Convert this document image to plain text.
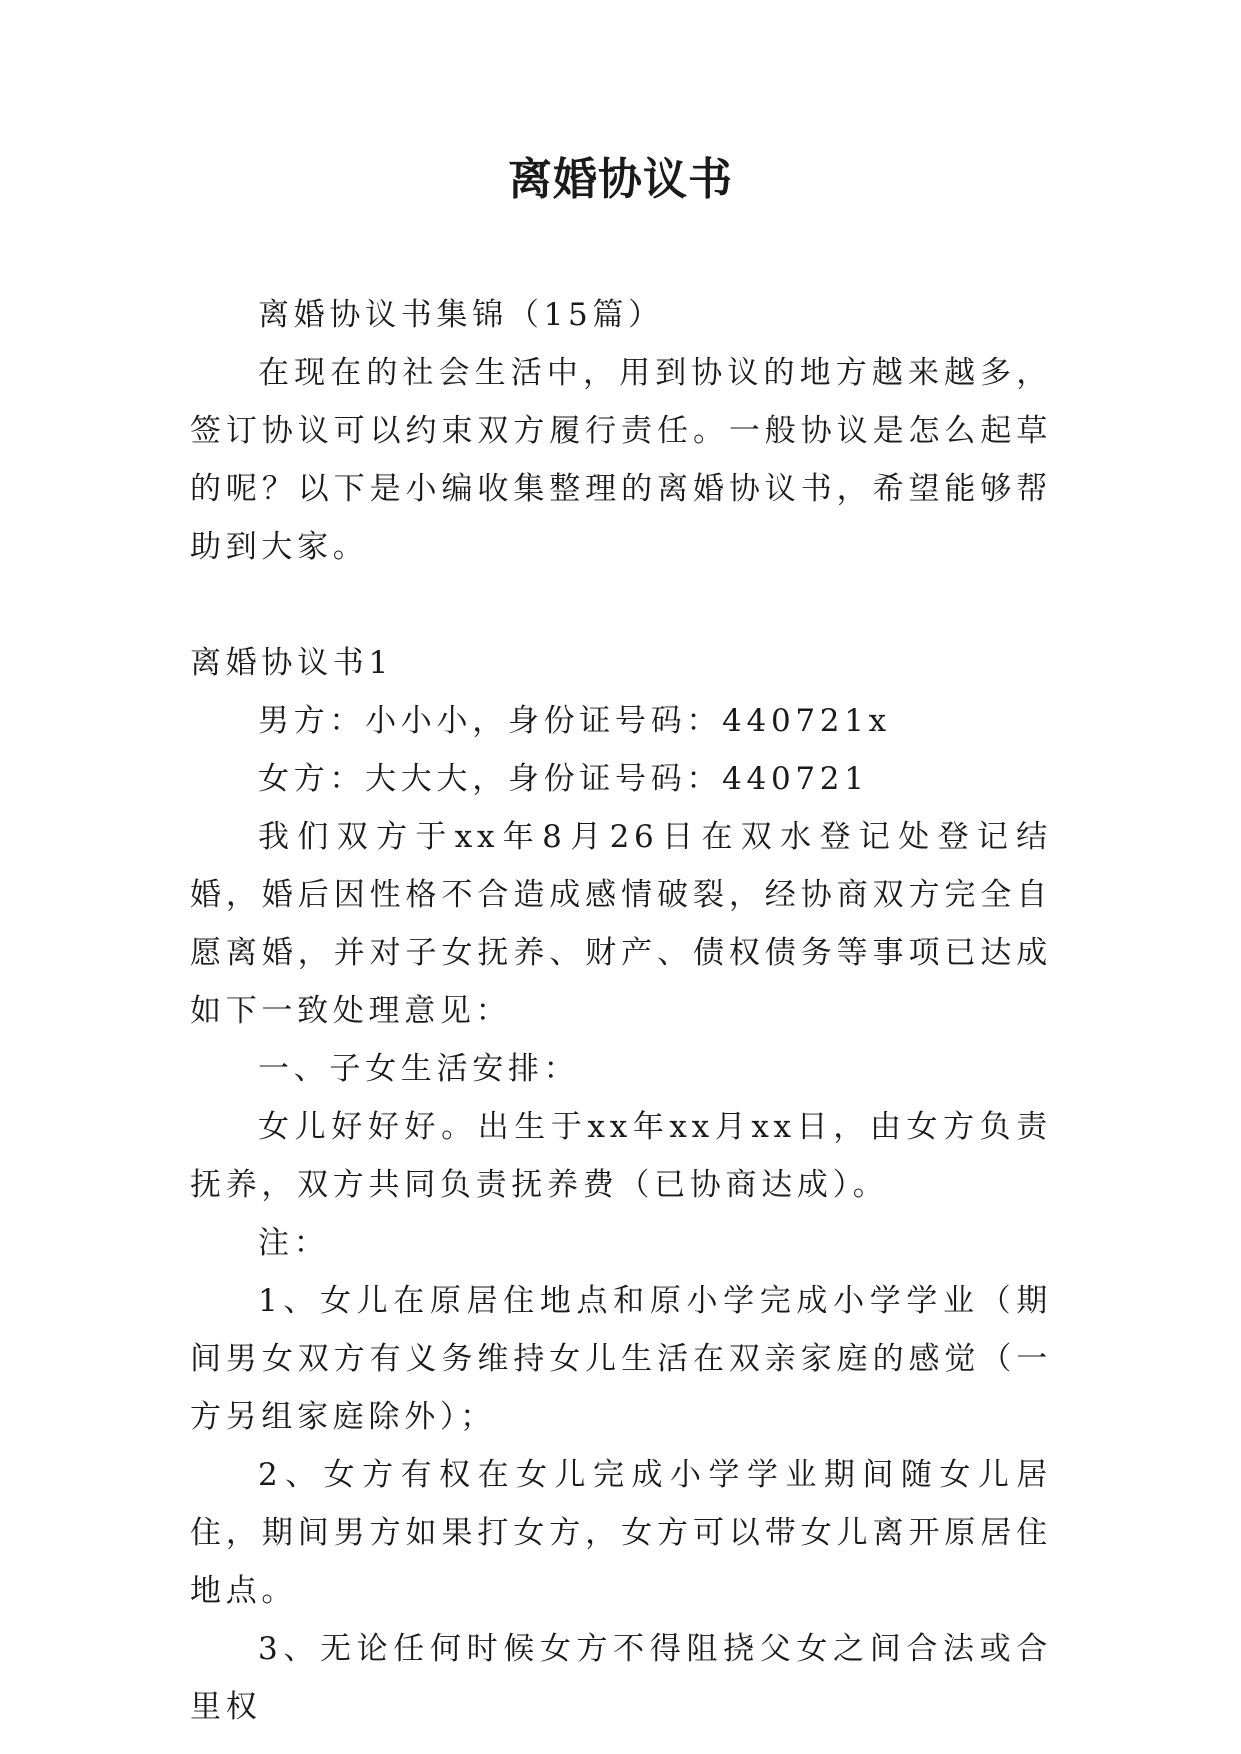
离婚协议书

离婚协议书集锦（15篇）

在现在的社会生活中，用到协议的地方越来越多，签订协议可以约束双方履行责任。一般协议是怎么起草的呢？以下是小编收集整理的离婚协议书，希望能够帮助到大家。

离婚协议书1

男方：小小小，身份证号码：440721x

女方：大大大，身份证号码：440721

我们双方于xx年8月26日在双水登记处登记结婚，婚后因性格不合造成感情破裂，经协商双方完全自愿离婚，并对子女抚养、财产、债权债务等事项已达成如下一致处理意见：

一、子女生活安排：

女儿好好好。出生于xx年xx月xx日，由女方负责抚养，双方共同负责抚养费（已协商达成）。

注：

1、女儿在原居住地点和原小学完成小学学业（期间男女双方有义务维持女儿生活在双亲家庭的感觉（一方另组家庭除外）；

2、女方有权在女儿完成小学学业期间随女儿居住，期间男方如果打女方，女方可以带女儿离开原居住地点。

3、无论任何时候女方不得阻挠父女之间合法或合里权
